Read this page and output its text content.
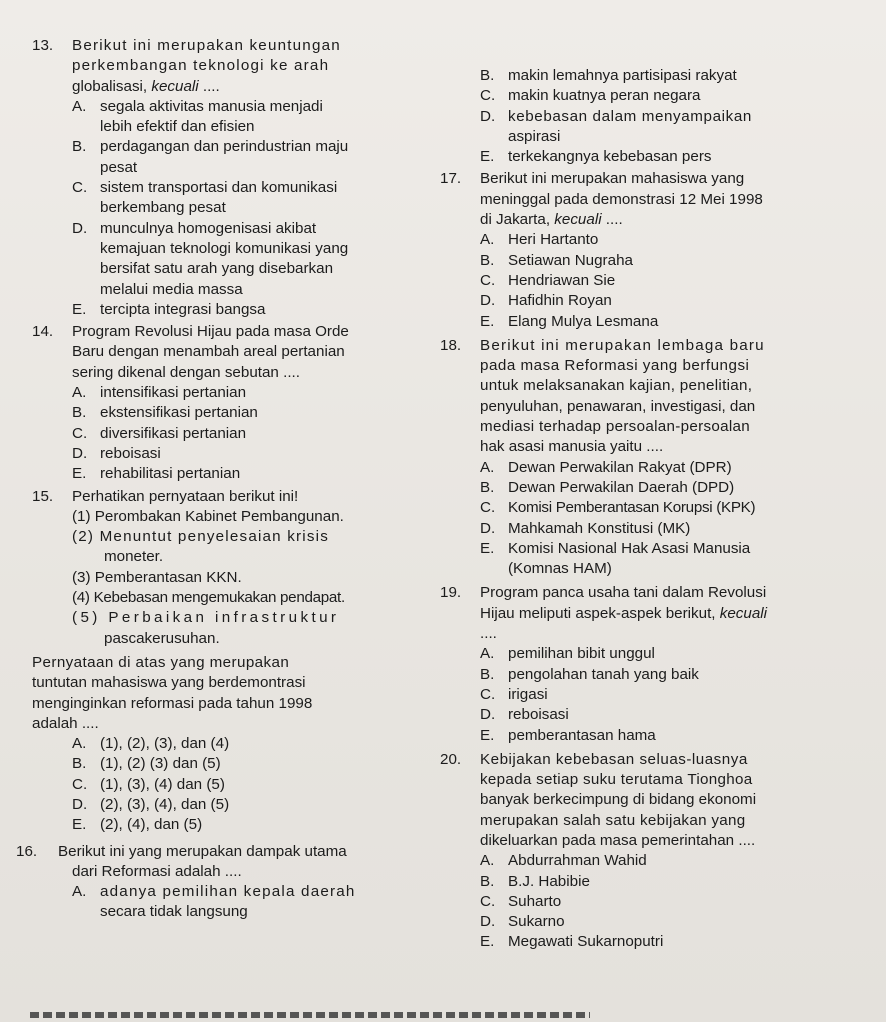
13. Berikut ini merupakan keuntungan
perkembangan teknologi ke arah
globalisasi, kecuali ....
A. segala aktivitas manusia menjadi
lebih efektif dan efisien
B. perdagangan dan perindustrian maju
pesat
C. sistem transportasi dan komunikasi
berkembang pesat
D. munculnya homogenisasi akibat
kemajuan teknologi komunikasi yang
bersifat satu arah yang disebarkan
melalui media massa
E. tercipta integrasi bangsa
14. Program Revolusi Hijau pada masa Orde
Baru dengan menambah areal pertanian
sering dikenal dengan sebutan ....
A. intensifikasi pertanian
B. ekstensifikasi pertanian
C. diversifikasi pertanian
D. reboisasi
E. rehabilitasi pertanian
15. Perhatikan pernyataan berikut ini!
(1) Perombakan Kabinet Pembangunan.
(2) Menuntut penyelesaian krisis
moneter.
(3) Pemberantasan KKN.
(4) Kebebasan mengemukakan pendapat.
(5) Perbaikan infrastruktur
pascakerusuhan.
Pernyataan di atas yang merupakan
tuntutan mahasiswa yang berdemontrasi
menginginkan reformasi pada tahun 1998
adalah ....
A. (1), (2), (3), dan (4)
B. (1), (2) (3) dan (5)
C. (1), (3), (4) dan (5)
D. (2), (3), (4), dan (5)
E. (2), (4), dan (5)
16. Berikut ini yang merupakan dampak utama
dari Reformasi adalah ....
A. adanya pemilihan kepala daerah
secara tidak langsung
B. makin lemahnya partisipasi rakyat
C. makin kuatnya peran negara
D. kebebasan dalam menyampaikan
aspirasi
E. terkekangnya kebebasan pers
17. Berikut ini merupakan mahasiswa yang
meninggal pada demonstrasi 12 Mei 1998
di Jakarta, kecuali ....
A. Heri Hartanto
B. Setiawan Nugraha
C. Hendriawan Sie
D. Hafidhin Royan
E. Elang Mulya Lesmana
18. Berikut ini merupakan lembaga baru
pada masa Reformasi yang berfungsi
untuk melaksanakan kajian, penelitian,
penyuluhan, penawaran, investigasi, dan
mediasi terhadap persoalan-persoalan
hak asasi manusia yaitu ....
A. Dewan Perwakilan Rakyat (DPR)
B. Dewan Perwakilan Daerah (DPD)
C. Komisi Pemberantasan Korupsi (KPK)
D. Mahkamah Konstitusi (MK)
E. Komisi Nasional Hak Asasi Manusia
(Komnas HAM)
19. Program panca usaha tani dalam Revolusi
Hijau meliputi aspek-aspek berikut, kecuali
....
A. pemilihan bibit unggul
B. pengolahan tanah yang baik
C. irigasi
D. reboisasi
E. pemberantasan hama
20. Kebijakan kebebasan seluas-luasnya
kepada setiap suku terutama Tionghoa
banyak berkecimpung di bidang ekonomi
merupakan salah satu kebijakan yang
dikeluarkan pada masa pemerintahan ....
A. Abdurrahman Wahid
B. B.J. Habibie
C. Suharto
D. Sukarno
E. Megawati Sukarnoputri
